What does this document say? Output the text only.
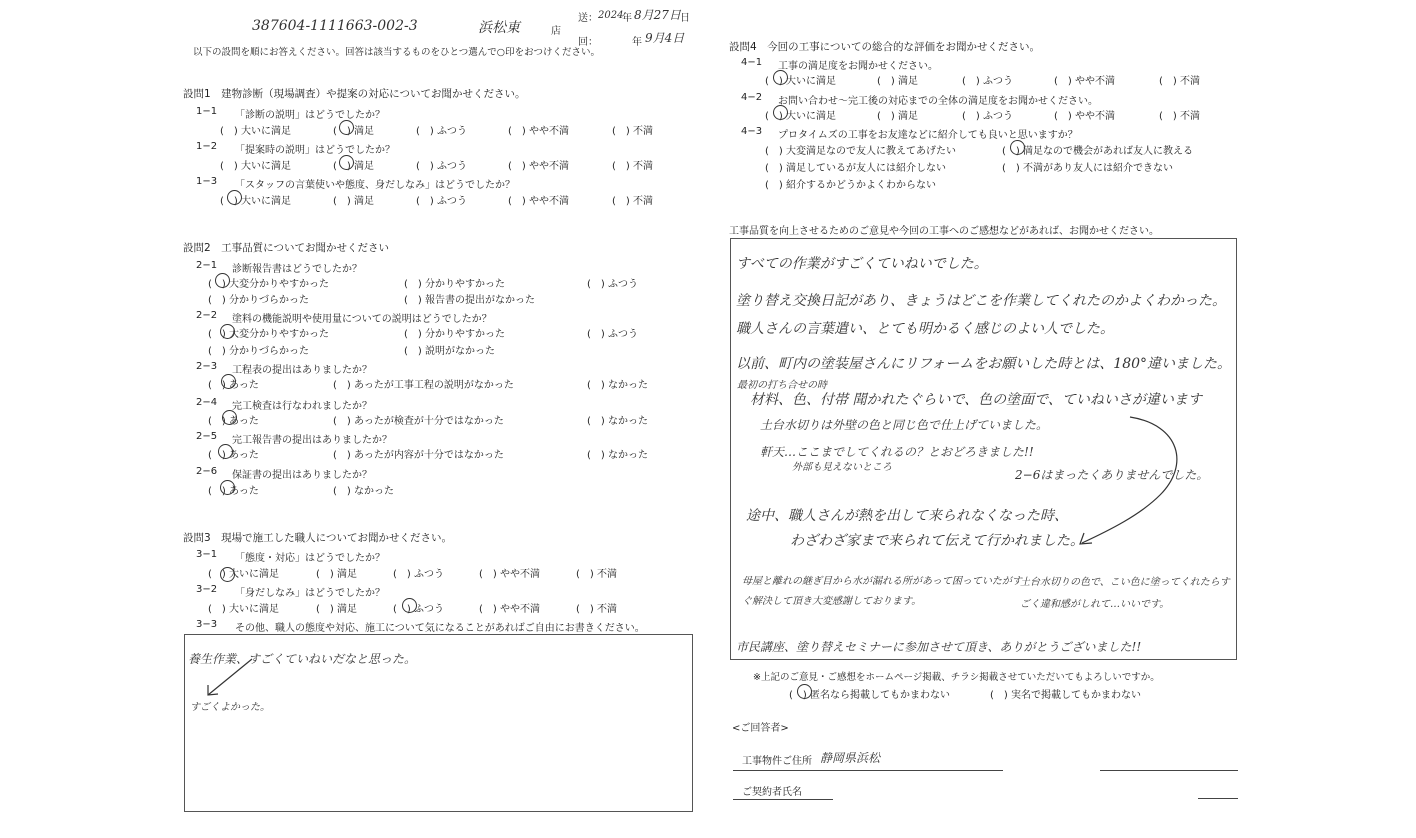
387604-1111663-002-3	浜松東	店
送： 2024
年 8月27日 日
回：	年 9月4日
以下の設問を順にお答えください。回答は該当するものをひとつ選んで○印をおつけください。
設問1　建物診断（現場調査）や提案の対応についてお聞かせください。
1−1 「診断の説明」はどうでしたか？
(　) 大いに満足	(　) 満足	(　) ふつう	(　) やや不満	(　) 不満
1−2 「提案時の説明」はどうでしたか？
(　) 大いに満足	(　) 満足	(　) ふつう	(　) やや不満	(　) 不満
1−3 「スタッフの言葉使いや態度、身だしなみ」はどうでしたか？
(　) 大いに満足	(　) 満足	(　) ふつう	(　) やや不満	(　) 不満
設問2　工事品質についてお聞かせください
2−1 診断報告書はどうでしたか？
(　) 大変分かりやすかった	(　) 分かりやすかった	(　) ふつう
(　) 分かりづらかった	(　) 報告書の提出がなかった
2−2 塗料の機能説明や使用量についての説明はどうでしたか？
(　) 大変分かりやすかった	(　) 分かりやすかった	(　) ふつう
(　) 分かりづらかった	(　) 説明がなかった
2−3 工程表の提出はありましたか？
(　) あった	(　) あったが工事工程の説明がなかった	(　) なかった
2−4 完工検査は行なわれましたか？
(　) あった	(　) あったが検査が十分ではなかった	(　) なかった
2−5 完工報告書の提出はありましたか？
(　) あった	(　) あったが内容が十分ではなかった	(　) なかった
2−6 保証書の提出はありましたか？
(　) あった	(　) なかった
設問3　現場で施工した職人についてお聞かせください。
3−1 「態度・対応」はどうでしたか？
(　) 大いに満足	(　) 満足	(　) ふつう	(　) やや不満	(　) 不満
3−2 「身だしなみ」はどうでしたか？
(　) 大いに満足	(　) 満足	(　) ふつう	(　) やや不満	(　) 不満
3−3 その他、職人の態度や対応、施工について気になることがあればご自由にお書きください。
養生作業、すごくていねいだなと思った。
すごくよかった。
設問4　今回の工事についての総合的な評価をお聞かせください。
4−1 工事の満足度をお聞かせください。
(　) 大いに満足	(　) 満足	(　) ふつう	(　) やや不満	(　) 不満
4−2 お問い合わせ〜完工後の対応までの全体の満足度をお聞かせください。
(　) 大いに満足	(　) 満足	(　) ふつう	(　) やや不満	(　) 不満
4−3 プロタイムズの工事をお友達などに紹介しても良いと思いますか？
(　) 大変満足なので友人に教えてあげたい	(　) 満足なので機会があれば友人に教える
(　) 満足しているが友人には紹介しない	(　) 不満があり友人には紹介できない
(　) 紹介するかどうかよくわからない
工事品質を向上させるためのご意見や今回の工事へのご感想などがあれば、お聞かせください。
すべての作業がすごくていねいでした。
塗り替え交換日記があり、きょうはどこを作業してくれたのかよくわかった。
職人さんの言葉遣い、とても明かるく感じのよい人でした。
以前、町内の塗装屋さんにリフォームをお願いした時とは、180°違いました。
最初の打ち合せの時
材料、色、付帯 聞かれたぐらいで、色の塗面で、ていねいさが違います
土台水切りは外壁の色と同じ色で仕上げていました。
軒天…ここまでしてくれるの？とおどろきました!!
外部も見えないところ
2−6はまったくありませんでした。
途中、職人さんが熱を出して来られなくなった時、
わざわざ家まで来られて伝えて行かれました。
母屋と離れの継ぎ目から水が漏れる所があって困っていたがすぐ解決して頂き大変感謝しております。
土台水切りの色で、こい色に塗ってくれたらすごく違和感がしれて…いいです。
市民講座、塗り替えセミナーに参加させて頂き、ありがとうございました!!
※上記のご意見・ご感想をホームページ掲載、チラシ掲載させていただいてもよろしいですか。
(　) 匿名なら掲載してもかまわない	(　) 実名で掲載してもかまわない
<ご回答者>
工事物件ご住所 静岡県浜松
ご契約者氏名
